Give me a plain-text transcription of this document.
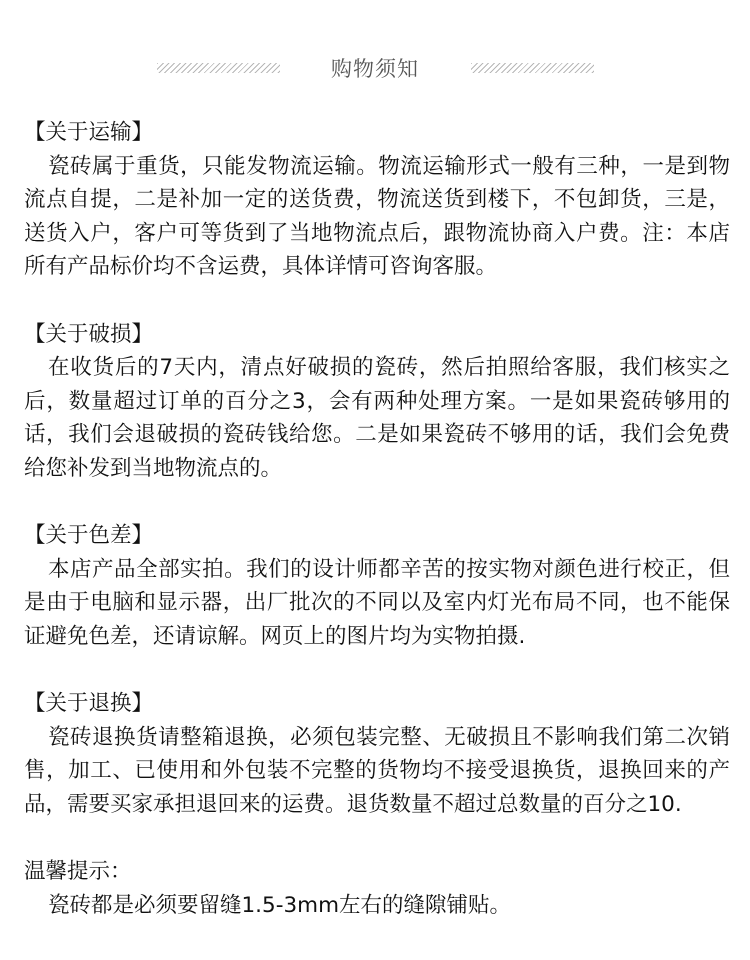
购物须知
【关于运输】
瓷砖属于重货，只能发物流运输。物流运输形式一般有三种，一是到物流点自提，二是补加一定的送货费，物流送货到楼下，不包卸货，三是，送货入户，客户可等货到了当地物流点后，跟物流协商入户费。注：本店所有产品标价均不含运费，具体详情可咨询客服。
【关于破损】
在收货后的7天内，清点好破损的瓷砖，然后拍照给客服，我们核实之后，数量超过订单的百分之3，会有两种处理方案。一是如果瓷砖够用的话，我们会退破损的瓷砖钱给您。二是如果瓷砖不够用的话，我们会免费给您补发到当地物流点的。
【关于色差】
本店产品全部实拍。我们的设计师都辛苦的按实物对颜色进行校正，但是由于电脑和显示器，出厂批次的不同以及室内灯光布局不同，也不能保证避免色差，还请谅解。网页上的图片均为实物拍摄.
【关于退换】
瓷砖退换货请整箱退换，必须包装完整、无破损且不影响我们第二次销售，加工、已使用和外包装不完整的货物均不接受退换货，退换回来的产品，需要买家承担退回来的运费。退货数量不超过总数量的百分之10.
温馨提示：
瓷砖都是必须要留缝1.5-3mm左右的缝隙铺贴。
